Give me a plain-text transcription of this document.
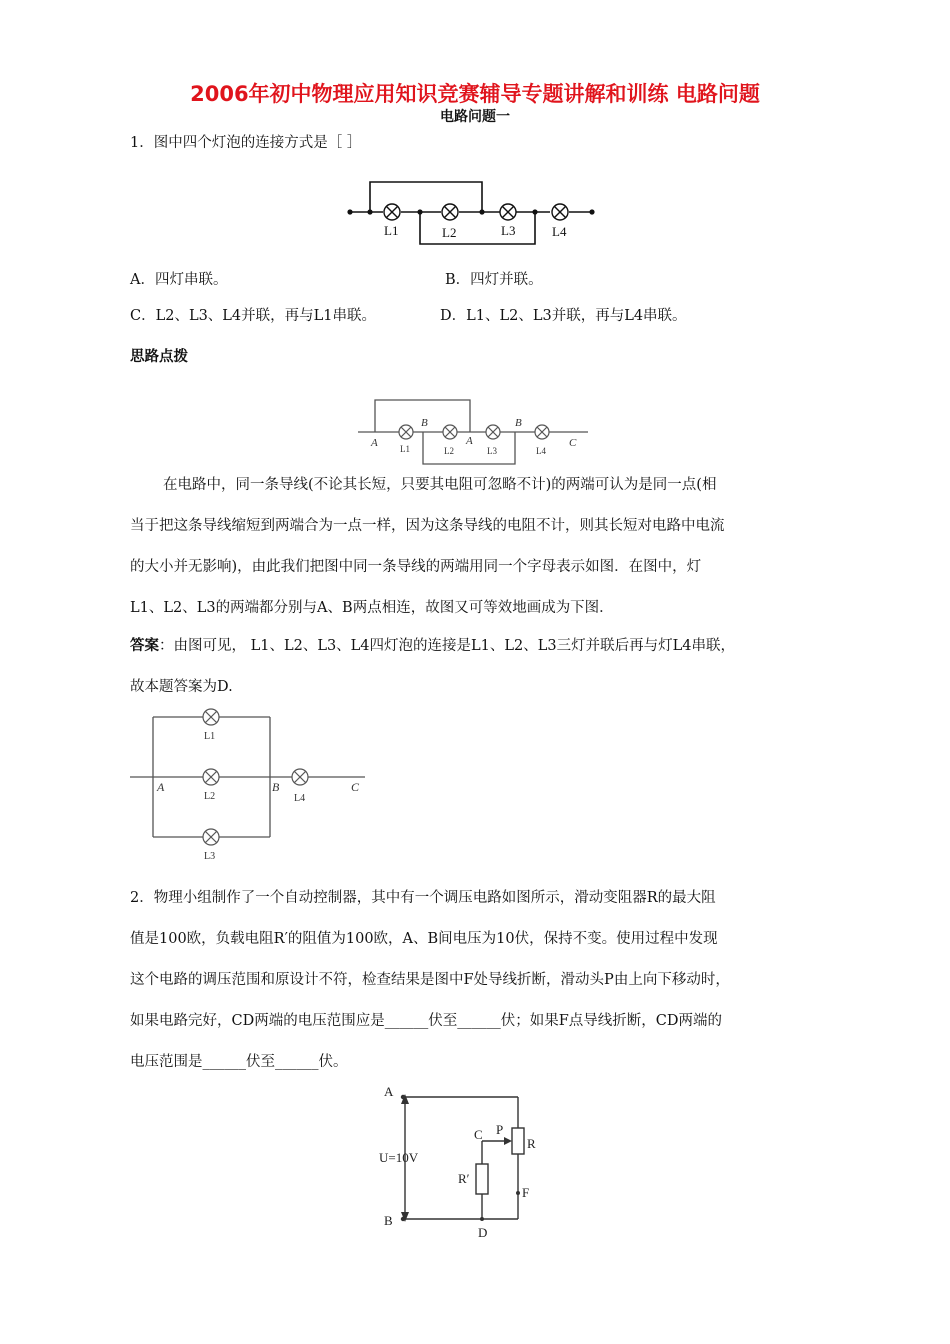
2006年初中物理应用知识竞赛辅导专题讲解和训练 电路问题
电路问题一
1．图中四个灯泡的连接方式是［ ］
L1	L2	L3	L4
A．四灯串联。	B．四灯并联。
C．L2、L3、L4并联，再与L1串联。	D．L1、L2、L3并联，再与L4串联。
思路点拨
A
B
A
B
C
L1	L2	L3	L4
在电路中，同一条导线(不论其长短，只要其电阻可忽略不计)的两端可认为是同一点(相
当于把这条导线缩短到两端合为一点一样，因为这条导线的电阻不计，则其长短对电路中电流
的大小并无影响)，由此我们把图中同一条导线的两端用同一个字母表示如图．在图中，灯
L1、L2、L3的两端都分别与A、B两点相连，故图又可等效地画成为下图．
答案：由图可见， L1、L2、L3、L4四灯泡的连接是L1、L2、L3三灯并联后再与灯L4串联，
故本题答案为D.
A	B	C
L1
L2
L3
L4
2．物理小组制作了一个自动控制器，其中有一个调压电路如图所示，滑动变阻器R的最大阻
值是100欧，负载电阻R′的阻值为100欧，A、B间电压为10伏，保持不变。使用过程中发现
这个电路的调压范围和原设计不符，检查结果是图中F处导线折断，滑动头P由上向下移动时，
如果电路完好，CD两端的电压范围应是______伏至______伏；如果F点导线折断，CD两端的
电压范围是______伏至______伏。
A
B
C
D
P
R
R′
F
U=10V
